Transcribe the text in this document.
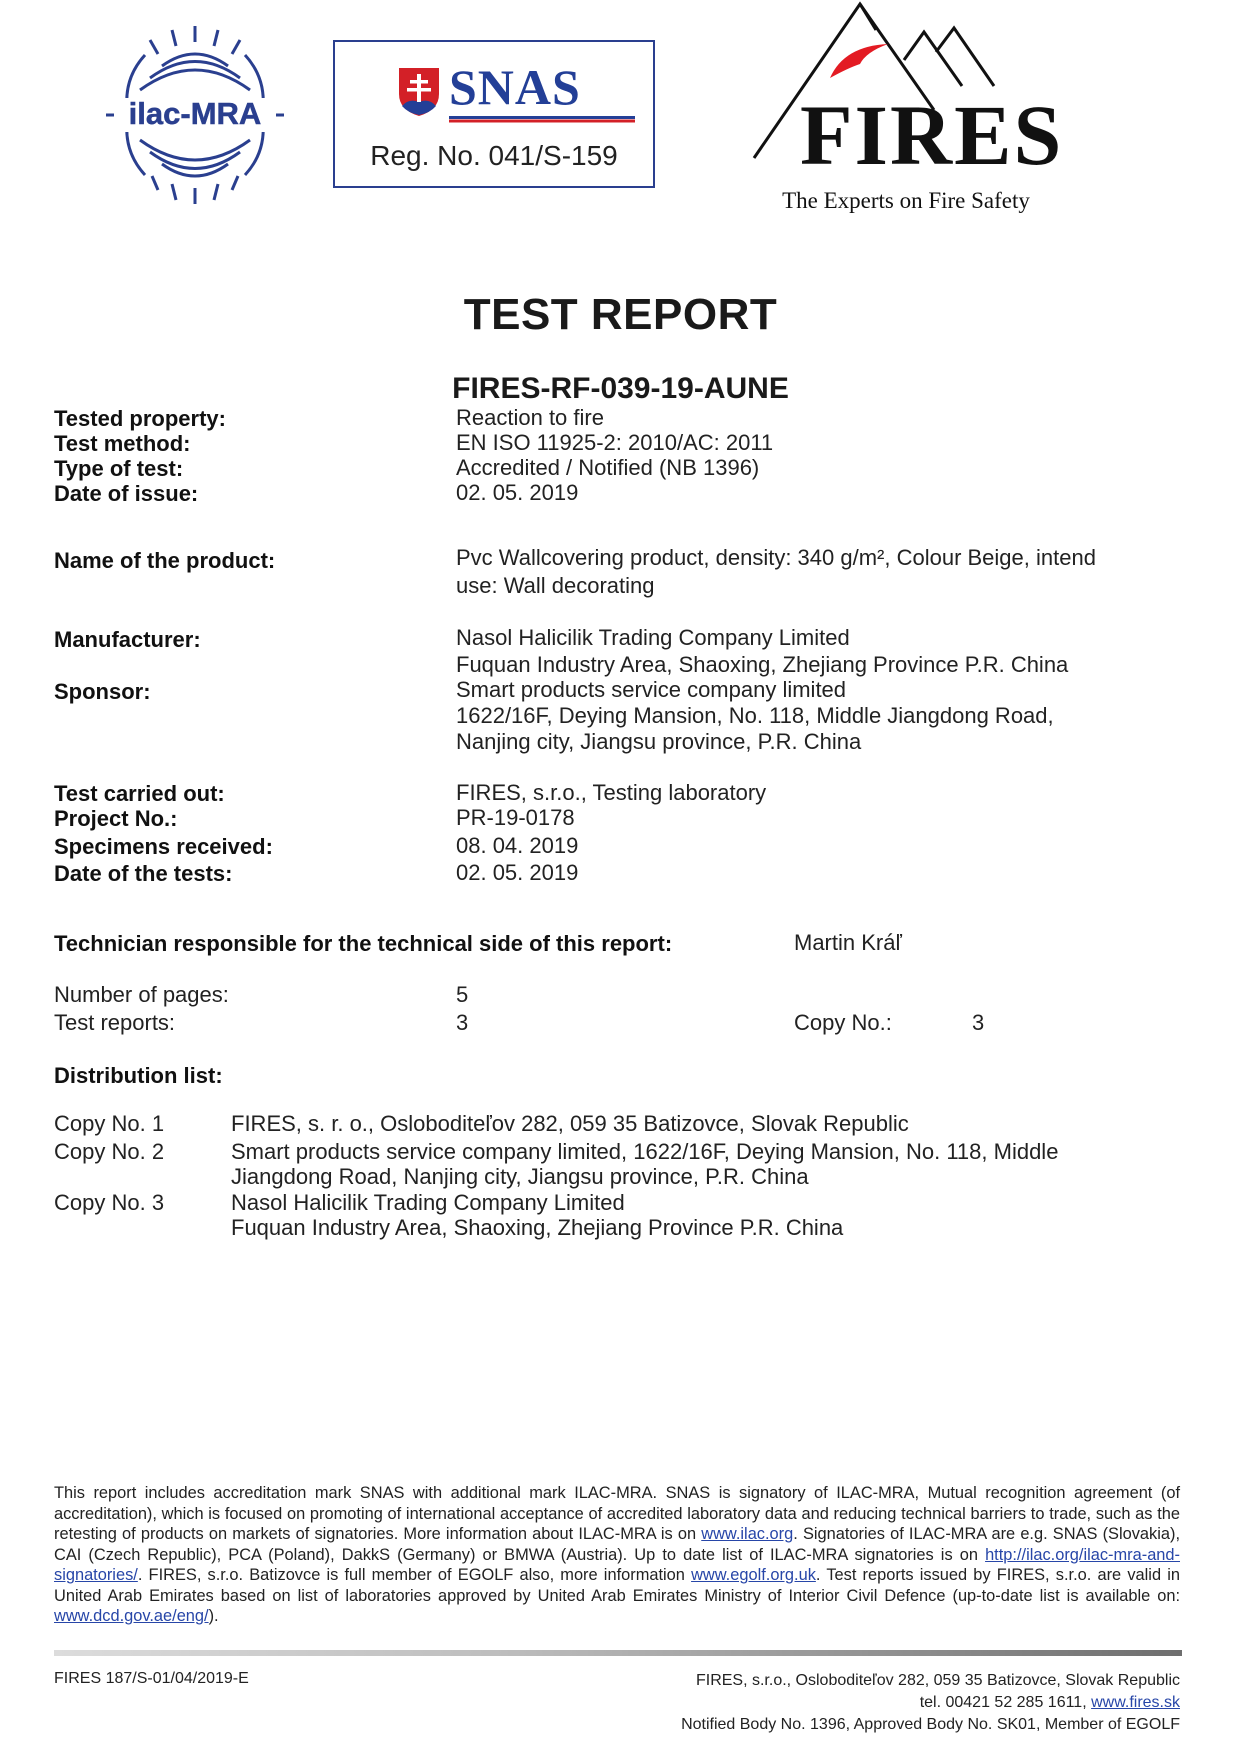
ilac-MRA	SNAS
Reg. No. 041/S-159	FIRES
The Experts on Fire Safety
TEST REPORT
FIRES-RF-039-19-AUNE
Tested property:	Reaction to fire
Test method:	EN ISO 11925-2: 2010/AC: 2011
Type of test:	Accredited / Notified (NB 1396)
Date of issue:	02. 05. 2019
Name of the product:	Pvc Wallcovering product, density: 340 g/m², Colour Beige, intend
use: Wall decorating
Manufacturer:	Nasol Halicilik Trading Company Limited
Fuquan Industry Area, Shaoxing, Zhejiang Province P.R. China
Sponsor:	Smart products service company limited
1622/16F, Deying Mansion, No. 118, Middle Jiangdong Road,
Nanjing city, Jiangsu province, P.R. China
Test carried out:	FIRES, s.r.o., Testing laboratory
Project No.:	PR-19-0178
Specimens received:	08. 04. 2019
Date of the tests:	02. 05. 2019
Technician responsible for the technical side of this report:	Martin Kráľ
Number of pages:	5
Test reports:	3	Copy No.:	3
Distribution list:
Copy No. 1	FIRES, s. r. o., Osloboditeľov 282, 059 35 Batizovce, Slovak Republic
Copy No. 2	Smart products service company limited, 1622/16F, Deying Mansion, No. 118, Middle
Jiangdong Road, Nanjing city, Jiangsu province, P.R. China
Copy No. 3	Nasol Halicilik Trading Company Limited
Fuquan Industry Area, Shaoxing, Zhejiang Province P.R. China
This report includes accreditation mark SNAS with additional mark ILAC-MRA. SNAS is signatory of ILAC-MRA, Mutual recognition agreement (of accreditation), which is focused on promoting of international acceptance of accredited laboratory data and reducing technical barriers to trade, such as the retesting of products on markets of signatories. More information about ILAC-MRA is on www.ilac.org. Signatories of ILAC-MRA are e.g. SNAS (Slovakia), CAI (Czech Republic), PCA (Poland), DakkS (Germany) or BMWA (Austria). Up to date list of ILAC-MRA signatories is on http://ilac.org/ilac-mra-and-signatories/. FIRES, s.r.o. Batizovce is full member of EGOLF also, more information www.egolf.org.uk. Test reports issued by FIRES, s.r.o. are valid in United Arab Emirates based on list of laboratories approved by United Arab Emirates Ministry of Interior Civil Defence (up-to-date list is available on: www.dcd.gov.ae/eng/).
FIRES 187/S-01/04/2019-E	FIRES, s.r.o., Osloboditeľov 282, 059 35 Batizovce, Slovak Republic
tel. 00421 52 285 1611, www.fires.sk
Notified Body No. 1396, Approved Body No. SK01, Member of EGOLF
